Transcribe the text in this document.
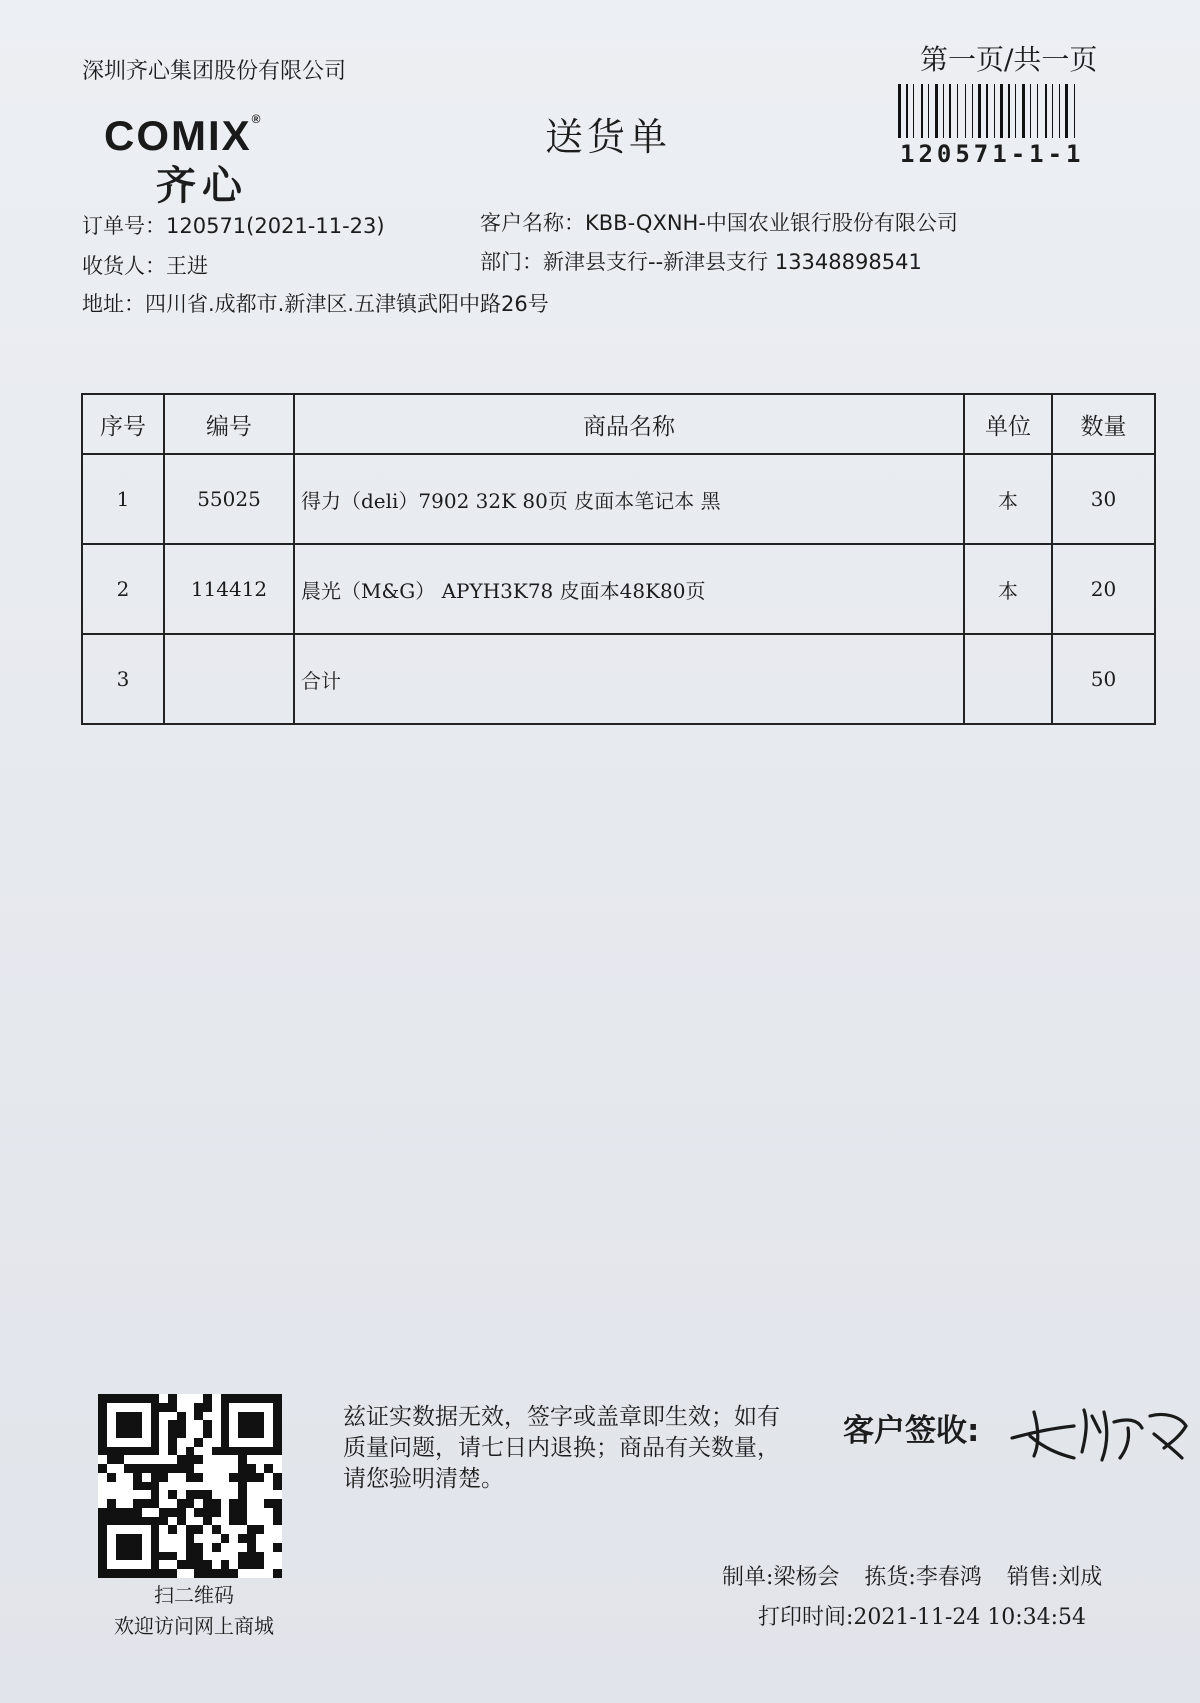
深圳齐心集团股份有限公司	第一页/共一页
120571-1-1
COMIX®
齐心
送货单
订单号：120571(2021-11-23)	客户名称：KBB-QXNH-中国农业银行股份有限公司
收货人：王进	部门：新津县支行--新津县支行 13348898541
地址：四川省.成都市.新津区.五津镇武阳中路26号
序号	编号	商品名称	单位	数量
1	55025	得力（deli）7902 32K 80页 皮面本笔记本 黑	本	30
2	114412	晨光（M&G） APYH3K78 皮面本48K80页	本	20
3		合计		50
扫二维码
欢迎访问网上商城
兹证实数据无效，签字或盖章即生效；如有质量问题，请七日内退换；商品有关数量，请您验明清楚。
客户签收:
制单:梁杨会 拣货:李春鸿 销售:刘成
打印时间:2021-11-24 10:34:54
